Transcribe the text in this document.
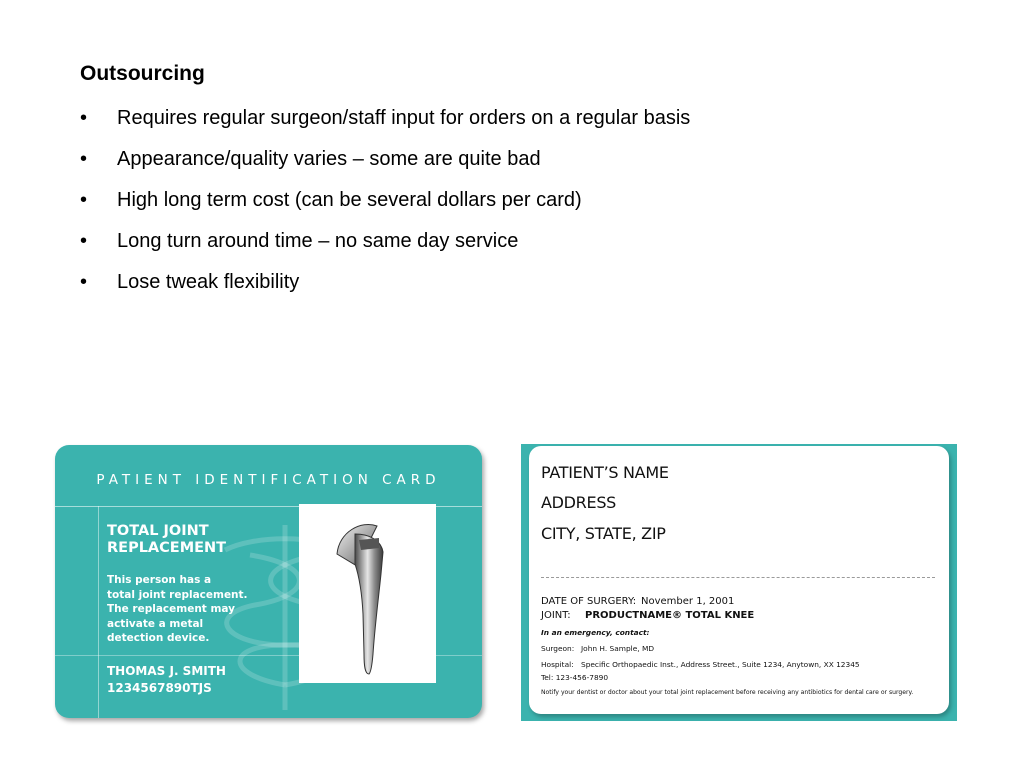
Outsourcing
•	Requires regular surgeon/staff input for orders on a regular basis
•	Appearance/quality varies – some are quite bad
•	High long term cost (can be several dollars per card)
•	Long turn around time – no same day service
•	Lose tweak flexibility
PATIENT IDENTIFICATION CARD
TOTAL JOINT
REPLACEMENT
This person has a
total joint replacement.
The replacement may
activate a metal
detection device.
THOMAS J. SMITH
1234567890TJS
PATIENT’S NAME
ADDRESS
CITY, STATE, ZIP
DATE OF SURGERY: November 1, 2001
JOINT: PRODUCTNAME® TOTAL KNEE
In an emergency, contact:
Surgeon: John H. Sample, MD
Hospital: Specific Orthopaedic Inst., Address Street., Suite 1234, Anytown, XX 12345
Tel: 123-456-7890
Notify your dentist or doctor about your total joint replacement before receiving any antibiotics for dental care or surgery.
